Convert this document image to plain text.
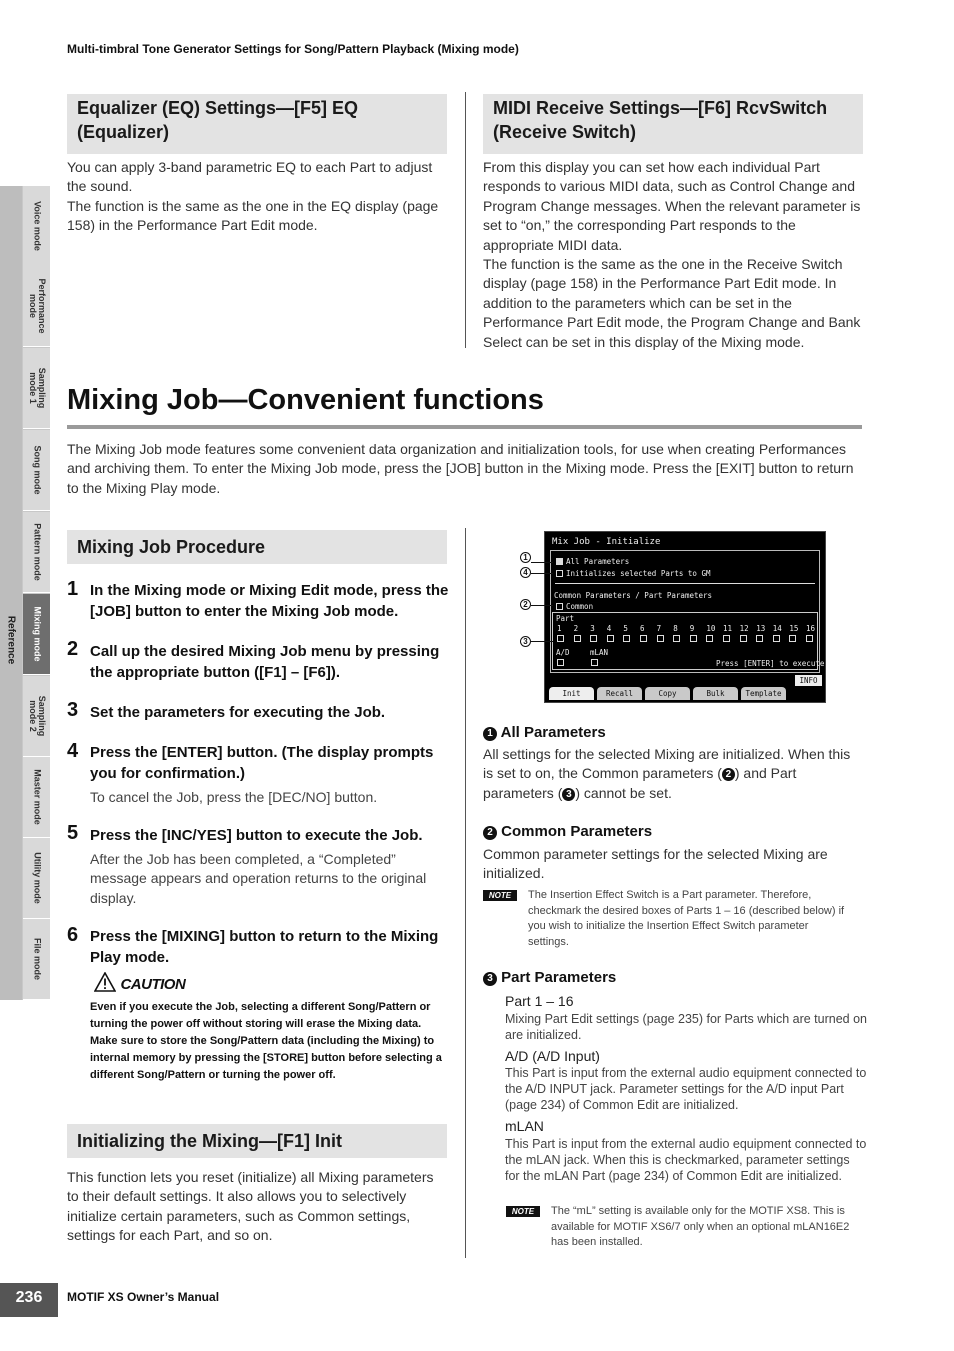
Multi-timbral Tone Generator Settings for Song/Pattern Playback (Mixing mode)
Reference
Voice mode
Performance
mode
Sampling
mode 1
Song mode
Pattern mode
Mixing mode
Sampling
mode 2
Master mode
Utility mode
File mode
Equalizer (EQ) Settings—[F5] EQ (Equalizer)

You can apply 3-band parametric EQ to each Part to adjust the sound.

The function is the same as the one in the EQ display (page 158) in the Performance Part Edit mode.

MIDI Receive Settings—[F6] RcvSwitch (Receive Switch)

From this display you can set how each individual Part responds to various MIDI data, such as Control Change and Program Change messages. When the relevant parameter is set to “on,” the corresponding Part responds to the appropriate MIDI data.

The function is the same as the one in the Receive Switch display (page 158) in the Performance Part Edit mode. In addition to the parameters which can be set in the Performance Part Edit mode, the Program Change and Bank Select can be set in this display of the Mixing mode.

Mixing Job—Convenient functions

The Mixing Job mode features some convenient data organization and initialization tools, for use when creating Performances and archiving them. To enter the Mixing Job mode, press the [JOB] button in the Mixing mode. Press the [EXIT] button to return to the Mixing Play mode.

Mixing Job Procedure
1 In the Mixing mode or Mixing Edit mode, press the [JOB] button to enter the Mixing Job mode.
2 Call up the desired Mixing Job menu by pressing the appropriate button ([F1] – [F6]).
3 Set the parameters for executing the Job.
4 Press the [ENTER] button. (The display prompts you for confirmation.)
To cancel the Job, press the [DEC/NO] button.
5 Press the [INC/YES] button to execute the Job.
After the Job has been completed, a “Completed” message appears and operation returns to the original display.
6 Press the [MIXING] button to return to the Mixing Play mode.
CAUTION
Even if you execute the Job, selecting a different Song/Pattern or turning the power off without storing will erase the Mixing data. Make sure to store the Song/Pattern data (including the Mixing) to internal memory by pressing the [STORE] button before selecting a different Song/Pattern or turning the power off.
Initializing the Mixing—[F1] Init

This function lets you reset (initialize) all Mixing parameters to their default settings. It also allows you to selectively initialize certain parameters, such as Common settings, settings for each Part, and so on.

Mix Job - Initialize
All Parameters
Initializes selected Parts to GM
Common Parameters / Part Parameters
Common
Part
1 2 3 4 5 6 7 8 9 10 11 12 13 14 15 16
A/D	mLAN
Press [ENTER] to execute
INFO
Init	Recall	Copy	Bulk	Template
1
4
2
3
1 All Parameters

All settings for the selected Mixing are initialized. When this is set to on, the Common parameters ( 2 ) and Part parameters ( 3 ) cannot be set.

2 Common Parameters

Common parameter settings for the selected Mixing are initialized.

NOTE	The Insertion Effect Switch is a Part parameter. Therefore, checkmark the desired boxes of Parts 1 – 16 (described below) if you wish to initialize the Insertion Effect Switch parameter settings.
3 Part Parameters
Part 1 – 16
Mixing Part Edit settings (page 235) for Parts which are turned on are initialized.
A/D (A/D Input)
This Part is input from the external audio equipment connected to the A/D INPUT jack. Parameter settings for the A/D input Part (page 234) of Common Edit are initialized.
mLAN
This Part is input from the external audio equipment connected to the mLAN jack. When this is checkmarked, parameter settings for the mLAN Part (page 234) of Common Edit are initialized.
NOTE	The “mL” setting is available only for the MOTIF XS8. This is available for MOTIF XS6/7 only when an optional mLAN16E2 has been installed.
236	MOTIF XS Owner’s Manual
